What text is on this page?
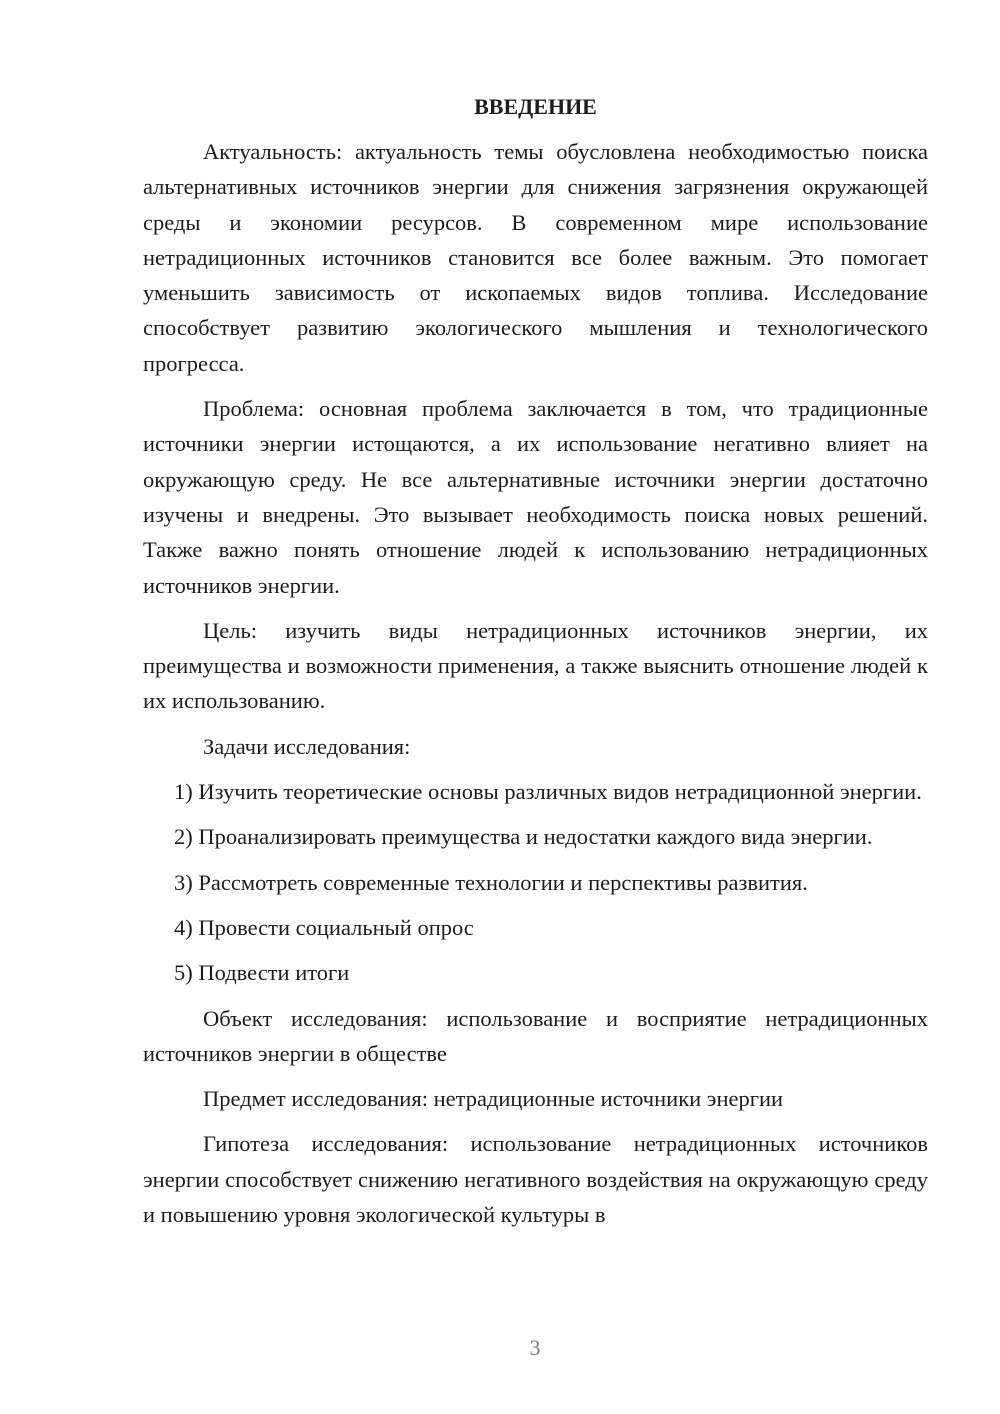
ВВЕДЕНИЕ

Актуальность: актуальность темы обусловлена необходимостью поиска альтернативных источников энергии для снижения загрязнения окружающей среды и экономии ресурсов. В современном мире использование нетрадиционных источников становится все более важным. Это помогает уменьшить зависимость от ископаемых видов топлива. Исследование способствует развитию экологического мышления и технологического прогресса.

Проблема: основная проблема заключается в том, что традиционные источники энергии истощаются, а их использование негативно влияет на окружающую среду. Не все альтернативные источники энергии достаточно изучены и внедрены. Это вызывает необходимость поиска новых решений. Также важно понять отношение людей к использованию нетрадиционных источников энергии.

Цель: изучить виды нетрадиционных источников энергии, их преимущества и возможности применения, а также выяснить отношение людей к их использованию.

Задачи исследования:

1) Изучить теоретические основы различных видов нетрадиционной энергии.

2) Проанализировать преимущества и недостатки каждого вида энергии.

3) Рассмотреть современные технологии и перспективы развития.

4) Провести социальный опрос

5) Подвести итоги

Объект исследования: использование и восприятие нетрадиционных источников энергии в обществе

Предмет исследования: нетрадиционные источники энергии

Гипотеза исследования: использование нетрадиционных источников энергии способствует снижению негативного воздействия на окружающую среду и повышению уровня экологической культуры в

3
